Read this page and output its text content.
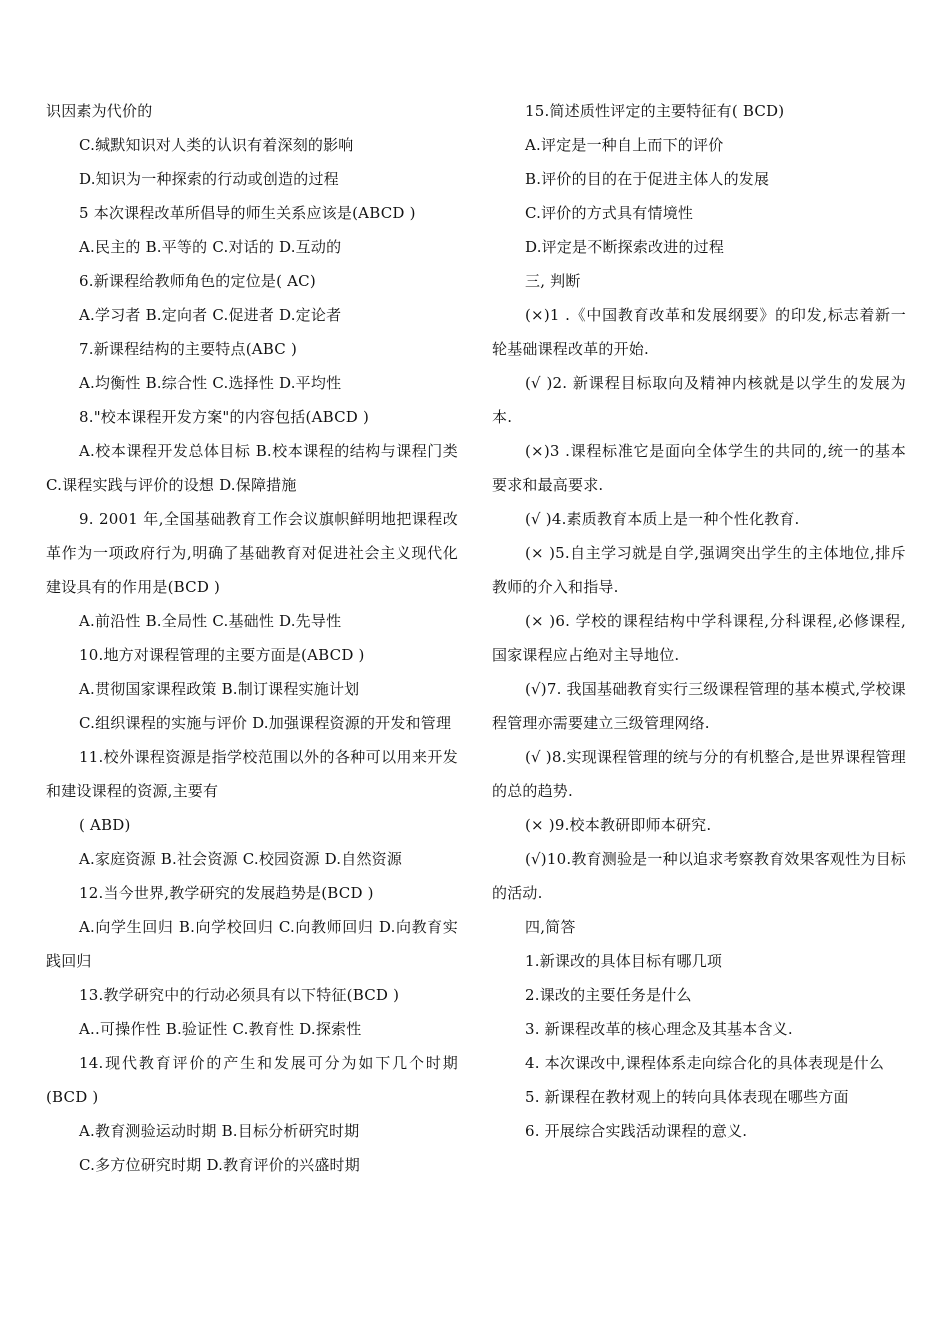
识因素为代价的

C.缄默知识对人类的认识有着深刻的影响

D.知识为一种探索的行动或创造的过程

5 本次课程改革所倡导的师生关系应该是(ABCD )

A.民主的 B.平等的 C.对话的 D.互动的

6.新课程给教师角色的定位是( AC)

A.学习者 B.定向者 C.促进者 D.定论者

7.新课程结构的主要特点(ABC )

A.均衡性 B.综合性 C.选择性 D.平均性

8."校本课程开发方案"的内容包括(ABCD )

A.校本课程开发总体目标 B.校本课程的结构与课程门类 C.课程实践与评价的设想 D.保障措施

9. 2001 年,全国基础教育工作会议旗帜鲜明地把课程改革作为一项政府行为,明确了基础教育对促进社会主义现代化建设具有的作用是(BCD )

A.前沿性 B.全局性 C.基础性 D.先导性

10.地方对课程管理的主要方面是(ABCD )

A.贯彻国家课程政策 B.制订课程实施计划

C.组织课程的实施与评价 D.加强课程资源的开发和管理

11.校外课程资源是指学校范围以外的各种可以用来开发和建设课程的资源,主要有

( ABD)

A.家庭资源 B.社会资源 C.校园资源 D.自然资源

12.当今世界,教学研究的发展趋势是(BCD )

A.向学生回归 B.向学校回归 C.向教师回归 D.向教育实践回归

13.教学研究中的行动必须具有以下特征(BCD )

A..可操作性 B.验证性 C.教育性 D.探索性

14.现代教育评价的产生和发展可分为如下几个时期(BCD )

A.教育测验运动时期 B.目标分析研究时期

C.多方位研究时期 D.教育评价的兴盛时期

15.简述质性评定的主要特征有( BCD)

A.评定是一种自上而下的评价

B.评价的目的在于促进主体人的发展

C.评价的方式具有情境性

D.评定是不断探索改进的过程

三, 判断

(×)1 .《中国教育改革和发展纲要》的印发,标志着新一轮基础课程改革的开始.

(√ )2. 新课程目标取向及精神内核就是以学生的发展为本.

(×)3 .课程标准它是面向全体学生的共同的,统一的基本要求和最高要求.

(√ )4.素质教育本质上是一种个性化教育.

(× )5.自主学习就是自学,强调突出学生的主体地位,排斥教师的介入和指导.

(× )6. 学校的课程结构中学科课程,分科课程,必修课程,国家课程应占绝对主导地位.

(√)7. 我国基础教育实行三级课程管理的基本模式,学校课程管理亦需要建立三级管理网络.

(√ )8.实现课程管理的统与分的有机整合,是世界课程管理的总的趋势.

(× )9.校本教研即师本研究.

(√)10.教育测验是一种以追求考察教育效果客观性为目标的活动.

四,简答

1.新课改的具体目标有哪几项

2.课改的主要任务是什么

3. 新课程改革的核心理念及其基本含义.

4. 本次课改中,课程体系走向综合化的具体表现是什么

5. 新课程在教材观上的转向具体表现在哪些方面

6. 开展综合实践活动课程的意义.
